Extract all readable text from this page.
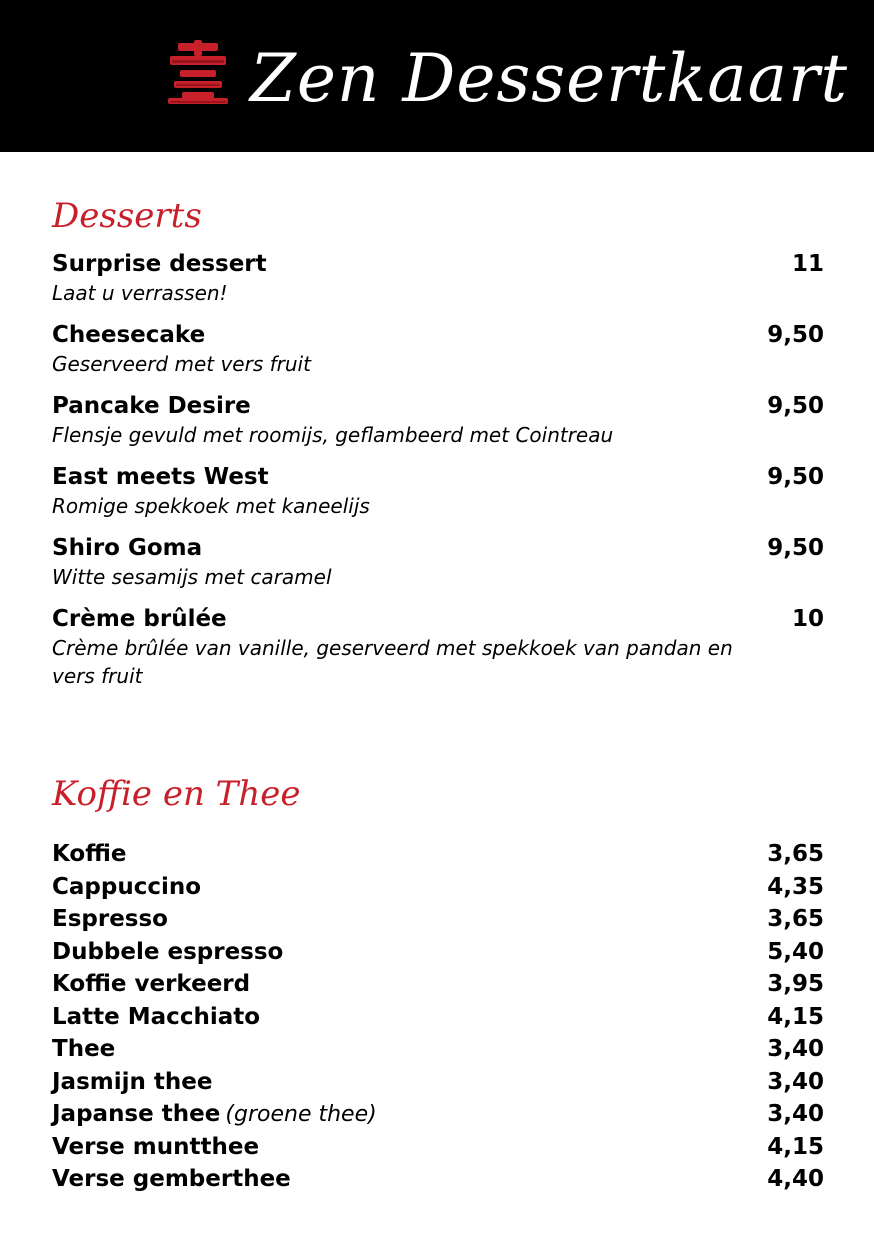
Zen Dessertkaart
Desserts
Surprise dessert	11
Laat u verrassen!
Cheesecake	9,50
Geserveerd met vers fruit
Pancake Desire	9,50
Flensje gevuld met roomijs, geflambeerd met Cointreau
East meets West	9,50
Romige spekkoek met kaneelijs
Shiro Goma	9,50
Witte sesamijs met caramel
Crème brûlée	10
Crème brûlée van vanille, geserveerd met spekkoek van pandan en vers fruit
Koffie en Thee
Koffie	3,65
Cappuccino	4,35
Espresso	3,65
Dubbele espresso	5,40
Koffie verkeerd	3,95
Latte Macchiato	4,15
Thee	3,40
Jasmijn thee	3,40
Japanse thee (groene thee)	3,40
Verse muntthee	4,15
Verse gemberthee	4,40
